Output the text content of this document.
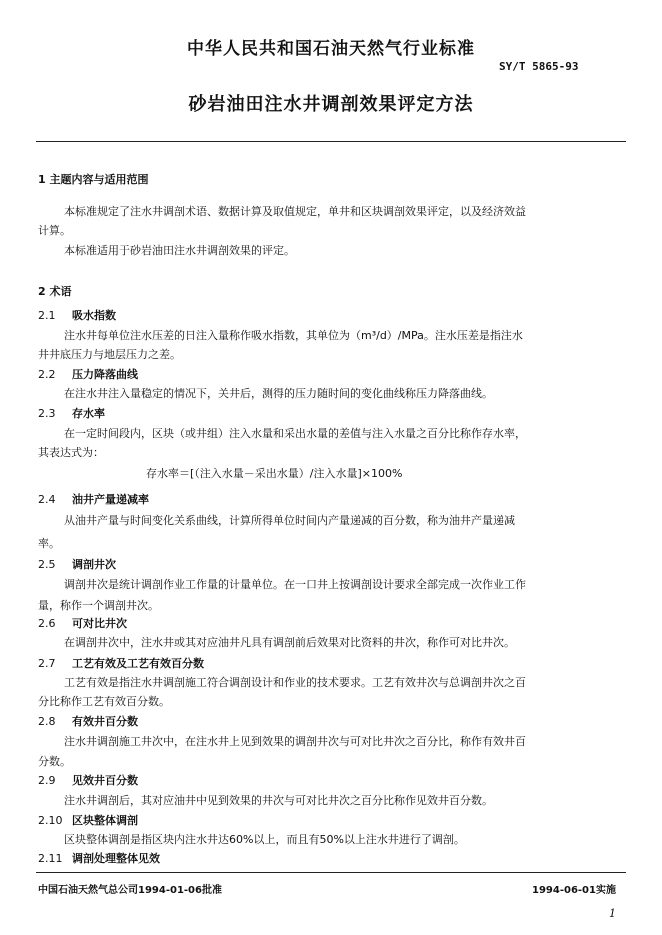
中华人民共和国石油天然气行业标准
SY/T 5865-93
砂岩油田注水井调剖效果评定方法
1 主题内容与适用范围
本标准规定了注水井调剖术语、数据计算及取值规定，单井和区块调剖效果评定，以及经济效益
计算。
本标准适用于砂岩油田注水井调剖效果的评定。
2 术语
2.1 吸水指数
注水井每单位注水压差的日注入量称作吸水指数，其单位为（m³/d）/MPa。注水压差是指注水
井井底压力与地层压力之差。
2.2 压力降落曲线
在注水井注入量稳定的情况下，关井后，测得的压力随时间的变化曲线称压力降落曲线。
2.3 存水率
在一定时间段内，区块（或井组）注入水量和采出水量的差值与注入水量之百分比称作存水率，
其表达式为：
存水率＝[（注入水量－采出水量）/注入水量]×100%
2.4 油井产量递减率
从油井产量与时间变化关系曲线，计算所得单位时间内产量递减的百分数，称为油井产量递减
率。
2.5 调剖井次
调剖井次是统计调剖作业工作量的计量单位。在一口井上按调剖设计要求全部完成一次作业工作
量，称作一个调剖井次。
2.6 可对比井次
在调剖井次中，注水井或其对应油井凡具有调剖前后效果对比资料的井次，称作可对比井次。
2.7 工艺有效及工艺有效百分数
工艺有效是指注水井调剖施工符合调剖设计和作业的技术要求。工艺有效井次与总调剖井次之百
分比称作工艺有效百分数。
2.8 有效井百分数
注水井调剖施工井次中，在注水井上见到效果的调剖井次与可对比井次之百分比，称作有效井百
分数。
2.9 见效井百分数
注水井调剖后，其对应油井中见到效果的井次与可对比井次之百分比称作见效井百分数。
2.10 区块整体调剖
区块整体调剖是指区块内注水井达60%以上，而且有50%以上注水井进行了调剖。
2.11 调剖处理整体见效
中国石油天然气总公司1994-01-06批准	1994-06-01实施
1
